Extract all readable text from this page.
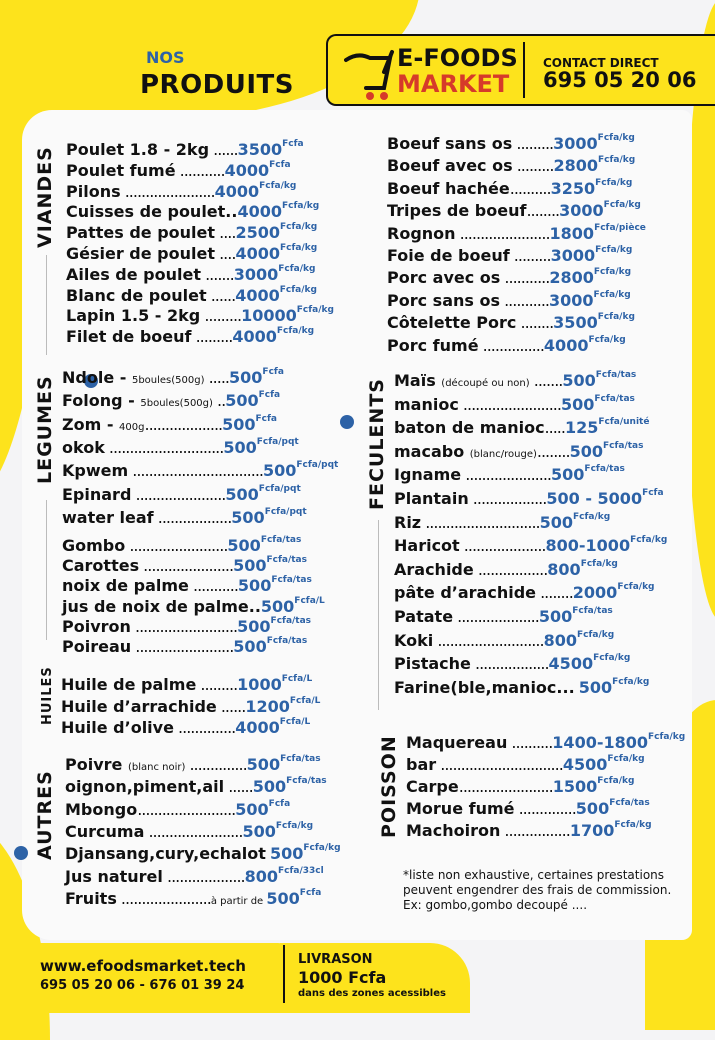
NOS
PRODUITS
E-FOODS
MARKET
CONTACT DIRECT
695 05 20 06
VIANDES
LEGUMES
HUILES
AUTRES
FECULENTS
POISSON
Poulet 1.8 - 2kg $......3500^{Fcfa}$
Poulet fumé $...........4000^{Fcfa}$
Pilons $......................4000^{Fcfa/kg}$
Cuisses de $poulet..4000^{Fcfa/kg}$
Pattes de poulet $....2500^{Fcfa/kg}$
Gésier de poulet $....4000^{Fcfa/kg}$
Ailes de poulet $.......3000^{Fcfa/kg}$
Blanc de poulet $......4000^{Fcfa/kg}$
Lapin 1.5 - 2kg $.........10000^{Fcfa/kg}$
Filet de boeuf $.........4000^{Fcfa/kg}$
Boeuf sans os $.........3000^{Fcfa/kg}$
Boeuf avec os $.........2800^{Fcfa/kg}$
Boeuf $hachée..........3250^{Fcfa/kg}$
Tripes de $boeuf........3000^{Fcfa/kg}$
Rognon $......................1800^{Fcfa/pièce}$
Foie de boeuf $.........3000^{Fcfa/kg}$
Porc avec os $...........2800^{Fcfa/kg}$
Porc sans os $...........3000^{Fcfa/kg}$
Côtelette Porc $........3500^{Fcfa/kg}$
Porc fumé $...............4000^{Fcfa/kg}$
Ndole - 5boules(500g) $.....500^{Fcfa}$
Folong - 5boules(500g) $..500^{Fcfa}$
Zom - $400g...................500^{Fcfa}$
okok $............................500^{Fcfa/pqt}$
Kpwem $................................500^{Fcfa/pqt}$
Epinard $......................500^{Fcfa/pqt}$
water leaf $..................500^{Fcfa/pqt}$
Gombo $........................500^{Fcfa/tas}$
Carottes $......................500^{Fcfa/tas}$
noix de palme $...........500^{Fcfa/tas}$
jus de noix de $palme..500^{Fcfa/L}$
Poivron $.........................500^{Fcfa/tas}$
Poireau $........................500^{Fcfa/tas}$
Huile de palme $.........1000^{Fcfa/L}$
Huile d’arrachide $......1200^{Fcfa/L}$
Huile d’olive $..............4000^{Fcfa/L}$
Poivre (blanc noir) $..............500^{Fcfa/tas}$
oignon,piment,ail $......500^{Fcfa/tas}$
$Mbongo........................500^{Fcfa}$
Curcuma $.......................500^{Fcfa/kg}$
Djansang,cury,echalot $500^{Fcfa/kg}$
Jus naturel $...................800^{Fcfa/33cl}$
Fruits ......................à partir de $500^{Fcfa}$
Maïs (découpé ou non) $.......500^{Fcfa/tas}$
manioc $........................500^{Fcfa/tas}$
baton de $manioc.....125^{Fcfa/unité}$
macabo $(blanc/rouge)........500^{Fcfa/tas}$
Igname $.....................500^{Fcfa/tas}$
Plantain $..................500 - 5000^{Fcfa}$
Riz $............................500^{Fcfa/kg}$
Haricot $....................800-1000^{Fcfa/kg}$
Arachide $.................800^{Fcfa/kg}$
pâte d’arachide $........2000^{Fcfa/kg}$
Patate $....................500^{Fcfa/tas}$
Koki $..........................800^{Fcfa/kg}$
Pistache $..................4500^{Fcfa/kg}$
Farine(ble,manioc... $500^{Fcfa/kg}$
Maquereau $..........1400-1800^{Fcfa/kg}$
bar $..............................4500^{Fcfa/kg}$
$Carpe.......................1500^{Fcfa/kg}$
Morue fumé $..............500^{Fcfa/tas}$
Machoiron $................1700^{Fcfa/kg}$
*liste non exhaustive, certaines prestations peuvent engendrer des frais de commission. Ex: gombo,gombo decoupé ....
www.efoodsmarket.tech
695 05 20 06 - 676 01 39 24
LIVRASON
1000 Fcfa
dans des zones acessibles
